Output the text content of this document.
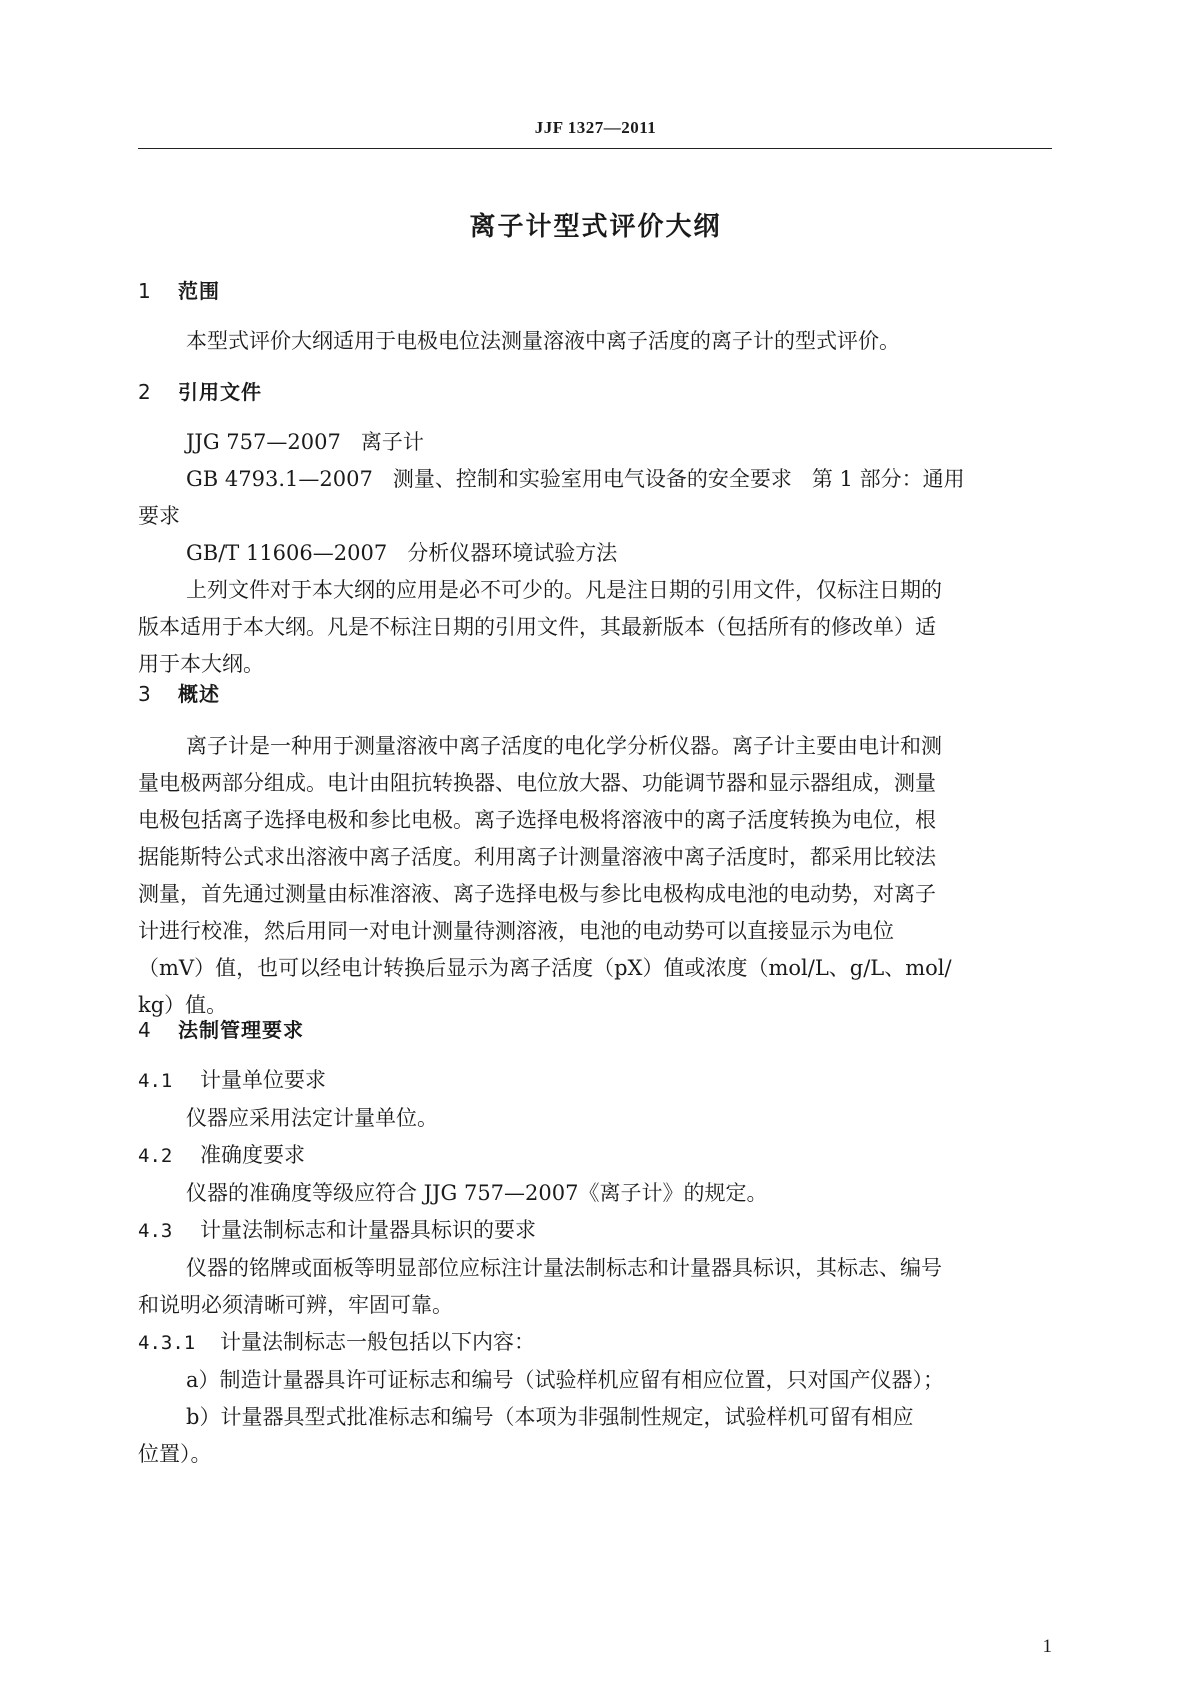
JJF 1327—2011
离子计型式评价大纲

1 范围

本型式评价大纲适用于电极电位法测量溶液中离子活度的离子计的型式评价。

2 引用文件

JJG 757—2007   离子计

GB 4793.1—2007   测量、控制和实验室用电气设备的安全要求   第 1 部分：通用

要求

GB/T 11606—2007   分析仪器环境试验方法

上列文件对于本大纲的应用是必不可少的。凡是注日期的引用文件，仅标注日期的

版本适用于本大纲。凡是不标注日期的引用文件，其最新版本（包括所有的修改单）适

用于本大纲。

3 概述

离子计是一种用于测量溶液中离子活度的电化学分析仪器。离子计主要由电计和测

量电极两部分组成。电计由阻抗转换器、电位放大器、功能调节器和显示器组成，测量

电极包括离子选择电极和参比电极。离子选择电极将溶液中的离子活度转换为电位，根

据能斯特公式求出溶液中离子活度。利用离子计测量溶液中离子活度时，都采用比较法

测量，首先通过测量由标准溶液、离子选择电极与参比电极构成电池的电动势，对离子

计进行校准，然后用同一对电计测量待测溶液，电池的电动势可以直接显示为电位

（mV）值，也可以经电计转换后显示为离子活度（pX）值或浓度（mol/L、g/L、mol/

kg）值。

4 法制管理要求

4.1 计量单位要求

仪器应采用法定计量单位。

4.2 准确度要求

仪器的准确度等级应符合 JJG 757—2007《离子计》的规定。

4.3 计量法制标志和计量器具标识的要求

仪器的铭牌或面板等明显部位应标注计量法制标志和计量器具标识，其标志、编号

和说明必须清晰可辨，牢固可靠。

4.3.1 计量法制标志一般包括以下内容：

a）制造计量器具许可证标志和编号（试验样机应留有相应位置，只对国产仪器）；

b）计量器具型式批准标志和编号（本项为非强制性规定，试验样机可留有相应

位置）。

1
